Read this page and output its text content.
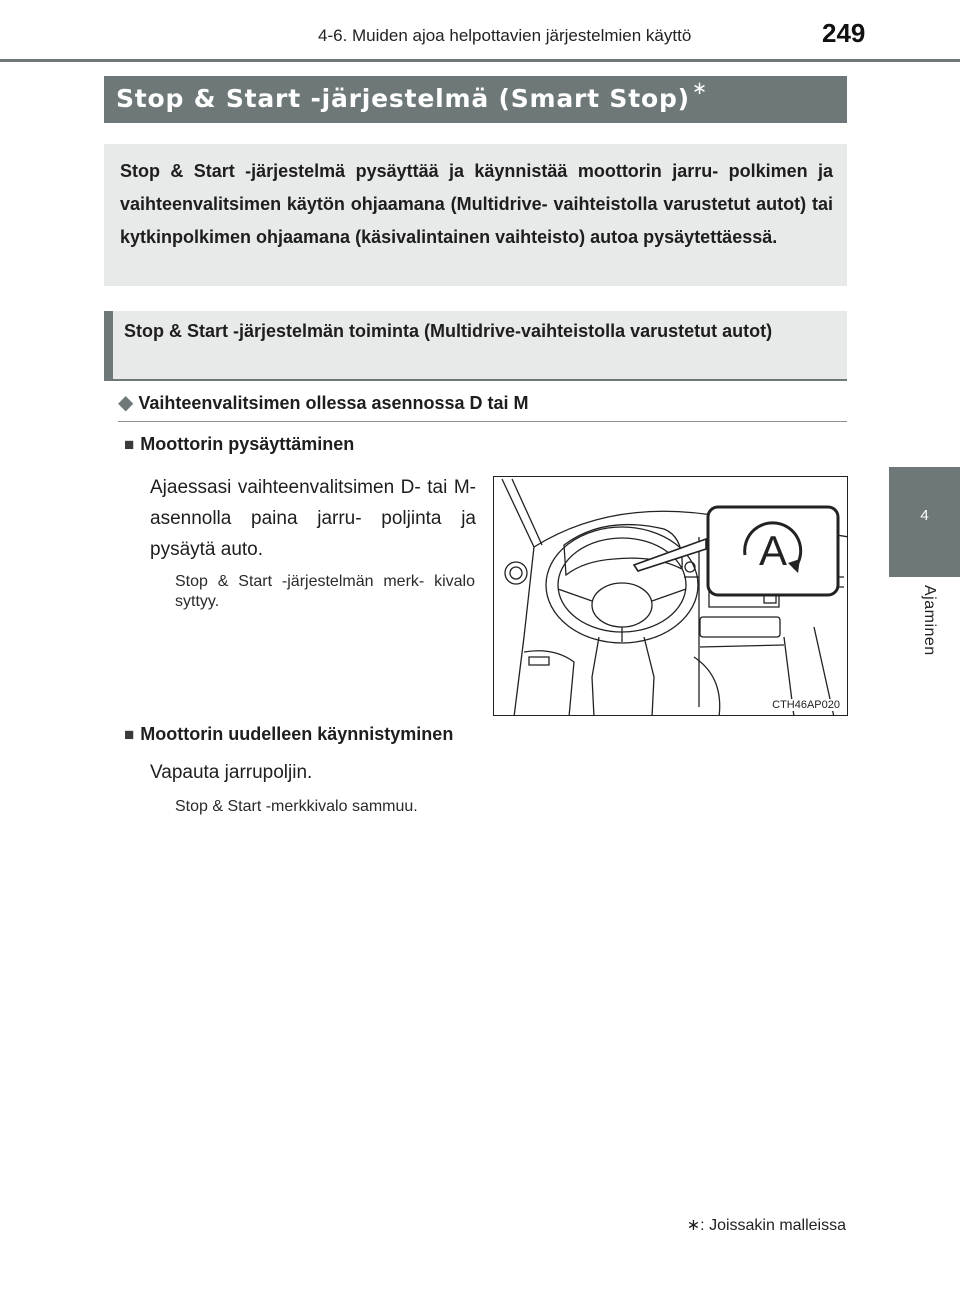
4-6. Muiden ajoa helpottavien järjestelmien käyttö	249
4
Ajaminen
Stop & Start -järjestelmä (Smart Stop) ∗

Stop & Start -järjestelmä pysäyttää ja käynnistää moottorin jarru- polkimen ja vaihteenvalitsimen käytön ohjaamana (Multidrive- vaihteistolla varustetut autot) tai kytkinpolkimen ohjaamana (käsivalintainen vaihteisto) autoa pysäytettäessä.

Stop & Start -järjestelmän toiminta (Multidrive-vaihteistolla varustetut autot)

◆ Vaihteenvalitsimen ollessa asennossa D tai M
■ Moottorin pysäyttäminen

Ajaessasi vaihteenvalitsimen D- tai M-asennolla paina jarru- poljinta ja pysäytä auto.

Stop & Start -järjestelmän merk- kivalo syttyy.

A
CTH46AP020
■ Moottorin uudelleen käynnistyminen

Vapauta jarrupoljin.

Stop & Start -merkkivalo sammuu.

∗: Joissakin malleissa
